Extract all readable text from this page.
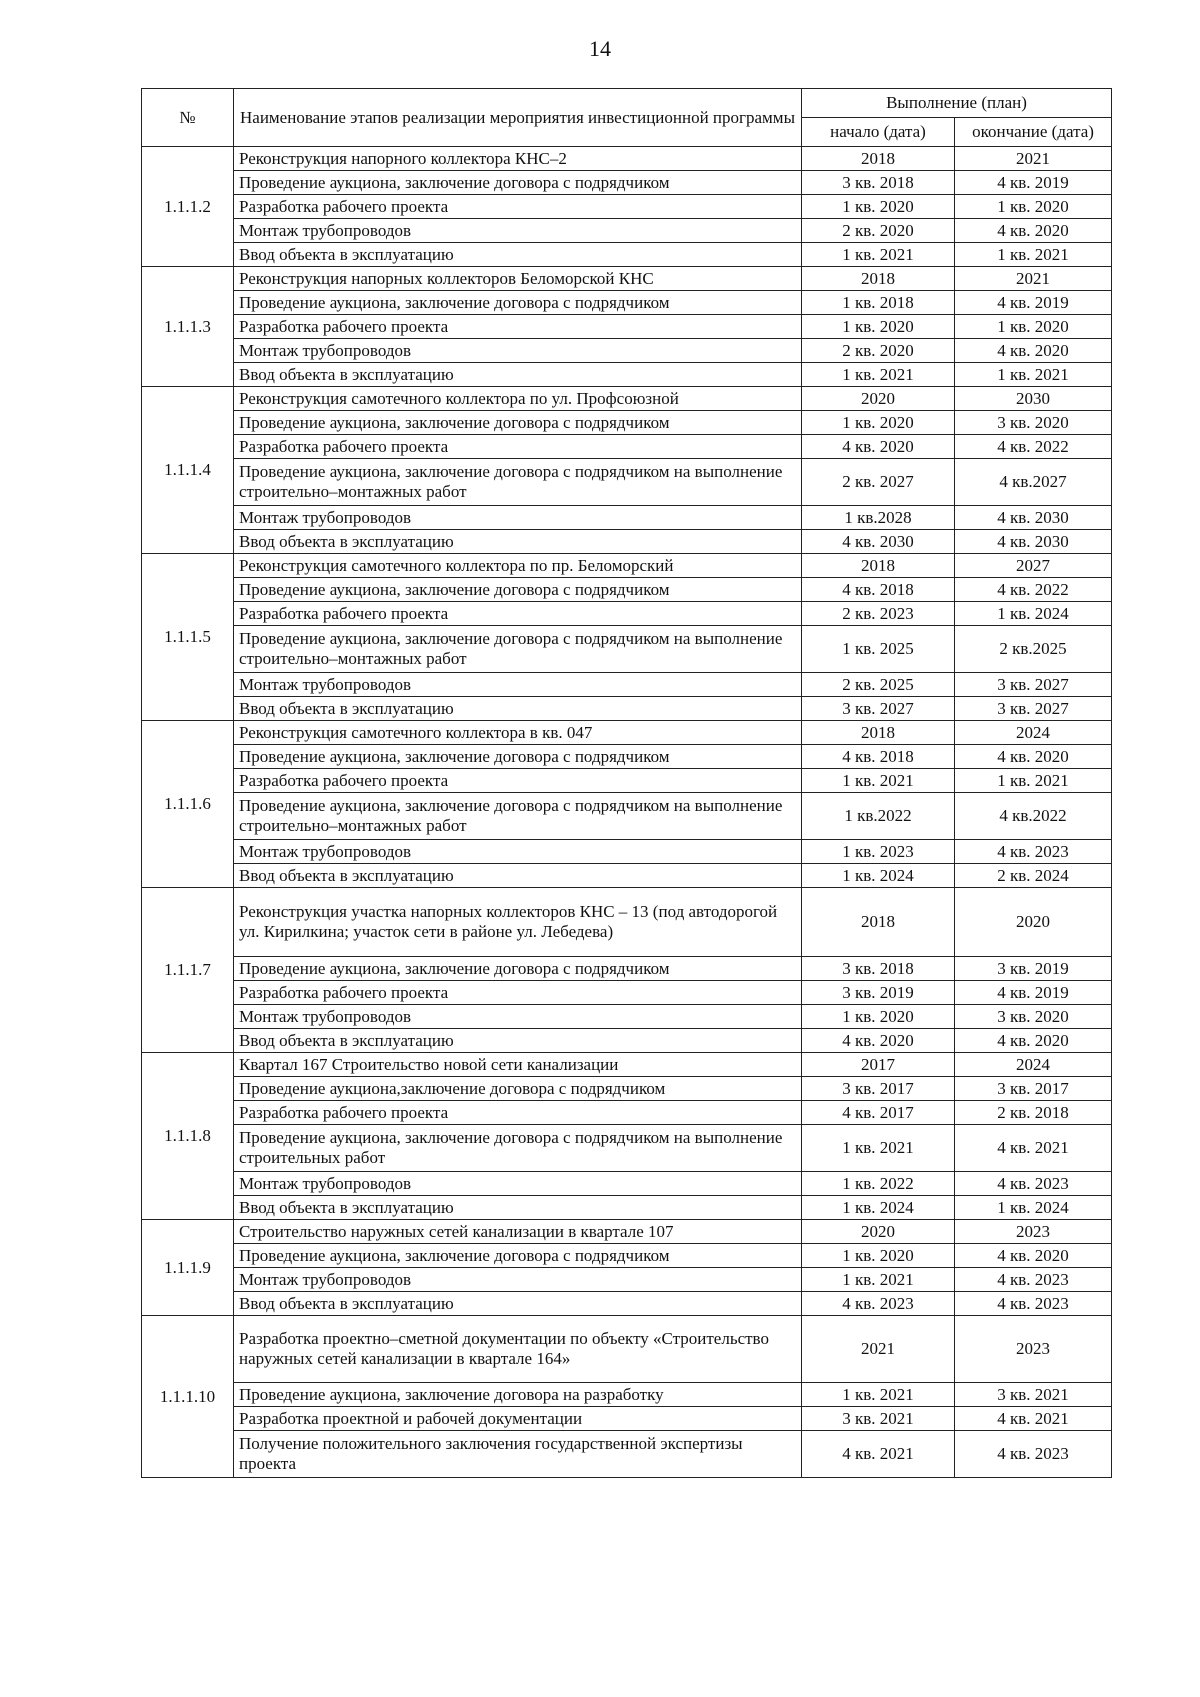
14
№	Наименование этапов реализации мероприятия инвестиционной программы	Выполнение (план)	
		начало (дата)	окончание (дата)
1.1.1.2	Реконструкция напорного коллектора КНС–2	2018	2021
	Проведение аукциона, заключение договора с подрядчиком	3 кв. 2018	4 кв. 2019
	Разработка рабочего проекта	1 кв. 2020	1 кв. 2020
	Монтаж трубопроводов	2 кв. 2020	4 кв. 2020
	Ввод объекта в эксплуатацию	1 кв. 2021	1 кв. 2021
1.1.1.3	Реконструкция напорных коллекторов Беломорской КНС	2018	2021
	Проведение аукциона, заключение договора с подрядчиком	1 кв. 2018	4 кв. 2019
	Разработка рабочего проекта	1 кв. 2020	1 кв. 2020
	Монтаж трубопроводов	2 кв. 2020	4 кв. 2020
	Ввод объекта в эксплуатацию	1 кв. 2021	1 кв. 2021
1.1.1.4	Реконструкция самотечного коллектора по ул. Профсоюзной	2020	2030
	Проведение аукциона, заключение договора с подрядчиком	1 кв. 2020	3 кв. 2020
	Разработка рабочего проекта	4 кв. 2020	4 кв. 2022
	Проведение аукциона, заключение договора с подрядчиком на выполнение строительно–монтажных работ	2 кв. 2027	4 кв.2027
	Монтаж трубопроводов	1 кв.2028	4 кв. 2030
	Ввод объекта в эксплуатацию	4 кв. 2030	4 кв. 2030
1.1.1.5	Реконструкция самотечного коллектора по пр. Беломорский	2018	2027
	Проведение аукциона, заключение договора с подрядчиком	4 кв. 2018	4 кв. 2022
	Разработка рабочего проекта	2 кв. 2023	1 кв. 2024
	Проведение аукциона, заключение договора с подрядчиком на выполнение строительно–монтажных работ	1 кв. 2025	2 кв.2025
	Монтаж трубопроводов	2 кв. 2025	3 кв. 2027
	Ввод объекта в эксплуатацию	3 кв. 2027	3 кв. 2027
1.1.1.6	Реконструкция самотечного коллектора в кв. 047	2018	2024
	Проведение аукциона, заключение договора с подрядчиком	4 кв. 2018	4 кв. 2020
	Разработка рабочего проекта	1 кв. 2021	1 кв. 2021
	Проведение аукциона, заключение договора с подрядчиком на выполнение строительно–монтажных работ	1 кв.2022	4 кв.2022
	Монтаж трубопроводов	1 кв. 2023	4 кв. 2023
	Ввод объекта в эксплуатацию	1 кв. 2024	2 кв. 2024
1.1.1.7	Реконструкция участка напорных коллекторов КНС – 13 (под автодорогой ул. Кирилкина; участок сети в районе ул. Лебедева)	2018	2020
	Проведение аукциона, заключение договора с подрядчиком	3 кв. 2018	3 кв. 2019
	Разработка рабочего проекта	3 кв. 2019	4 кв. 2019
	Монтаж трубопроводов	1 кв. 2020	3 кв. 2020
	Ввод объекта в эксплуатацию	4 кв. 2020	4 кв. 2020
1.1.1.8	Квартал 167 Строительство новой сети канализации	2017	2024
	Проведение аукциона,заключение договора с подрядчиком	3 кв. 2017	3 кв. 2017
	Разработка рабочего проекта	4 кв. 2017	2 кв. 2018
	Проведение аукциона, заключение договора с подрядчиком на выполнение строительных работ	1 кв. 2021	4 кв. 2021
	Монтаж трубопроводов	1 кв. 2022	4 кв. 2023
	Ввод объекта в эксплуатацию	1 кв. 2024	1 кв. 2024
1.1.1.9	Строительство наружных сетей канализации в квартале 107	2020	2023
	Проведение аукциона, заключение договора с подрядчиком	1 кв. 2020	4 кв. 2020
	Монтаж трубопроводов	1 кв. 2021	4 кв. 2023
	Ввод объекта в эксплуатацию	4 кв. 2023	4 кв. 2023
1.1.1.10	Разработка проектно–сметной документации по объекту «Строительство наружных сетей канализации в квартале 164»	2021	2023
	Проведение аукциона, заключение договора на разработку	1 кв. 2021	3 кв. 2021
	Разработка проектной и рабочей документации	3 кв. 2021	4 кв. 2021
	Получение положительного заключения государственной экспертизы проекта	4 кв. 2021	4 кв. 2023
